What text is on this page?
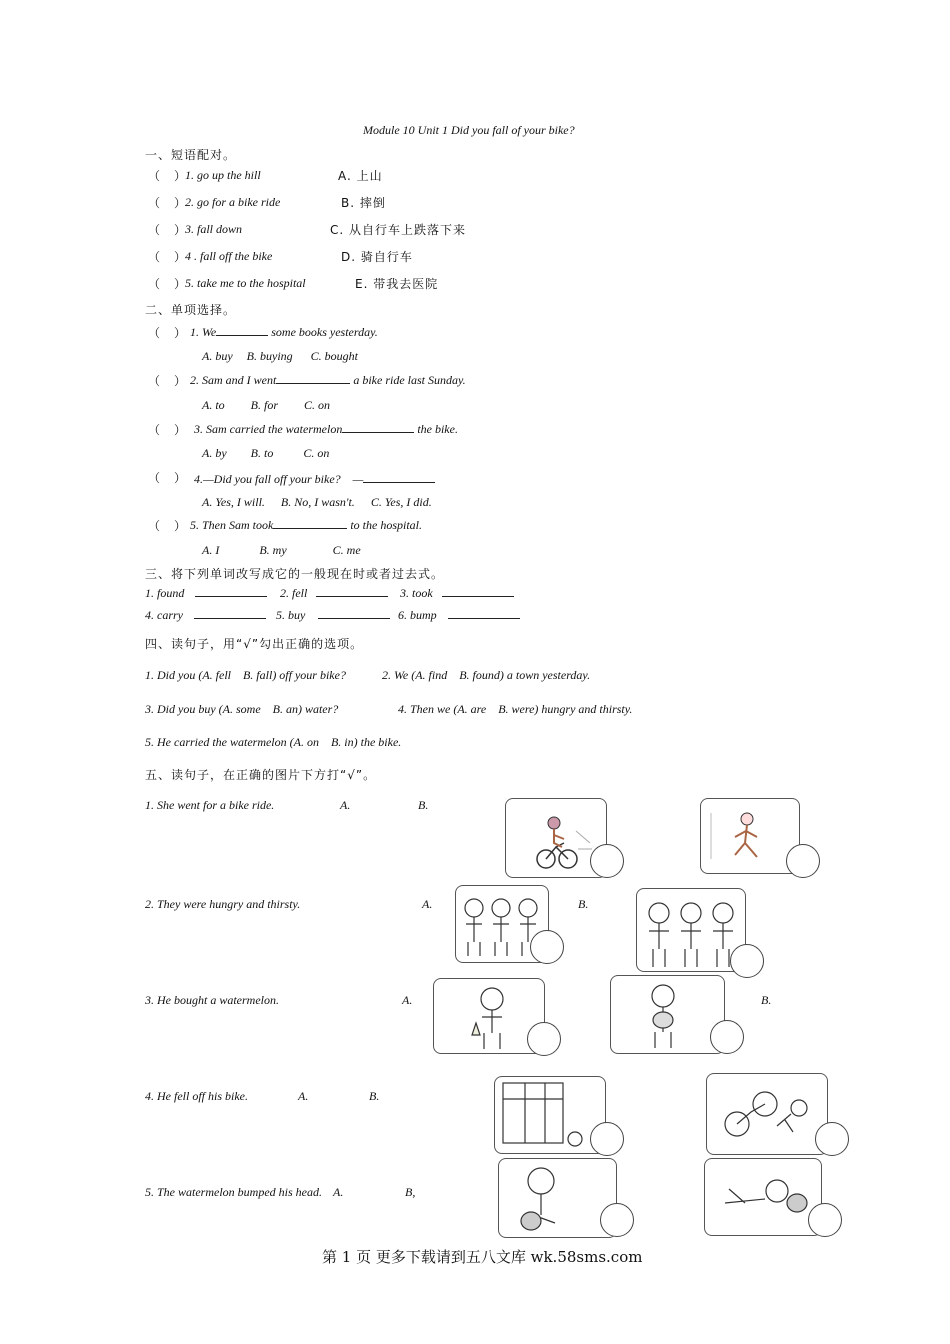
Module 10 Unit 1 Did you fall of your bike?
一、短语配对。
（　）
1. go up the hill	A. 上山
（　）
2. go for a bike ride	B. 摔倒
（　）
3. fall down	C. 从自行车上跌落下来
（　）
4 . fall off the bike	D. 骑自行车
（　）
5. take me to the hospital	E. 带我去医院
二、单项选择。
（　） 1. We	some books yesterday.
A. buy B. buying C. bought
（　） 2. Sam and I went	a bike ride last Sunday.
A. to B. for C. on
（　） 3. Sam carried the watermelon	the bike.
A. by B. to	C. on
（　） 4.—Did you fall off your bike?　—
A. Yes, I will. B. No, I wasn't. C. Yes, I did.
（　） 5. Then Sam took	to the hospital.
A. I	B. my	C. me
三、将下列单词改写成它的一般现在时或者过去式。
1. found	2. fell	3. took
4. carry	5. buy	6. bump
四、读句子，用“√”勾出正确的选项。
1. Did you (A. fell　B. fall) off your bike?	2. We (A. find　B. found) a town yesterday.
3. Did you buy (A. some　B. an) water?	4. Then we (A. are　B. were) hungry and thirsty.
5. He carried the watermelon (A. on　B. in) the bike.
五、读句子，在正确的图片下方打“√”。
1. She went for a bike ride.	A.	B.
2. They were hungry and thirsty.	A.	B.
3. He bought a watermelon.	A.	B.
4. He fell off his bike.	A.	B.
5. The watermelon bumped his head. A.	B,
第 1 页 更多下载请到五八文库 wk.58sms.com
